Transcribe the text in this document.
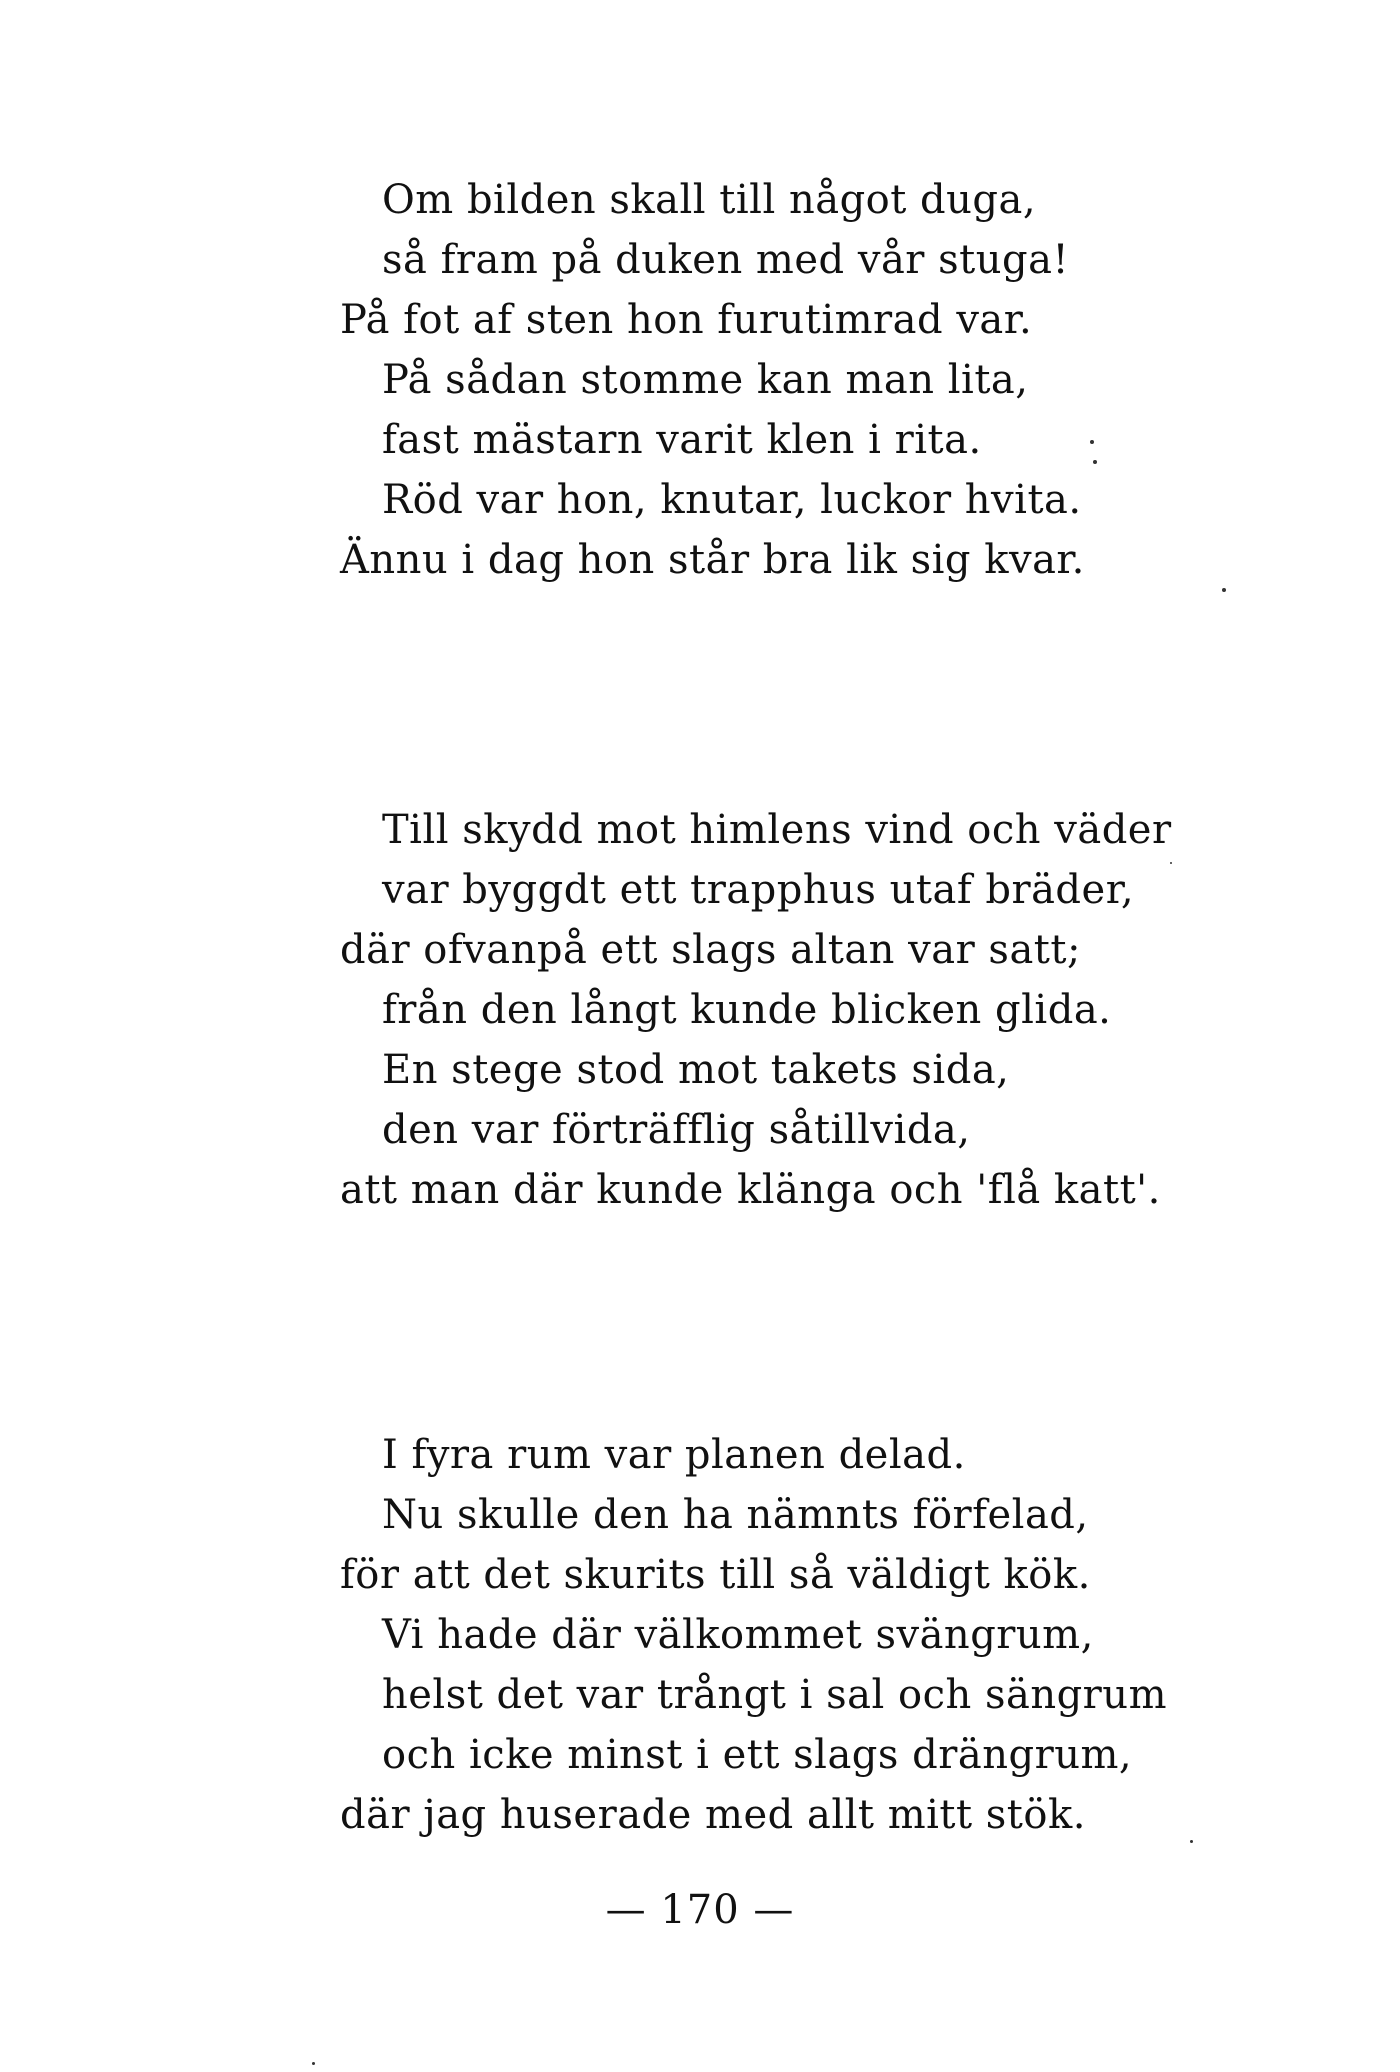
Om bilden skall till något duga,
så fram på duken med vår stuga!
På fot af sten hon furutimrad var.
På sådan stomme kan man lita,
fast mästarn varit klen i rita.
Röd var hon, knutar, luckor hvita.
Ännu i dag hon står bra lik sig kvar.
Till skydd mot himlens vind och väder
var byggdt ett trapphus utaf bräder,
där ofvanpå ett slags altan var satt;
från den långt kunde blicken glida.
En stege stod mot takets sida,
den var förträfflig såtillvida,
att man där kunde klänga och 'flå katt'.
I fyra rum var planen delad.
Nu skulle den ha nämnts förfelad,
för att det skurits till så väldigt kök.
Vi hade där välkommet svängrum,
helst det var trångt i sal och sängrum
och icke minst i ett slags drängrum,
där jag huserade med allt mitt stök.
— 170 —
